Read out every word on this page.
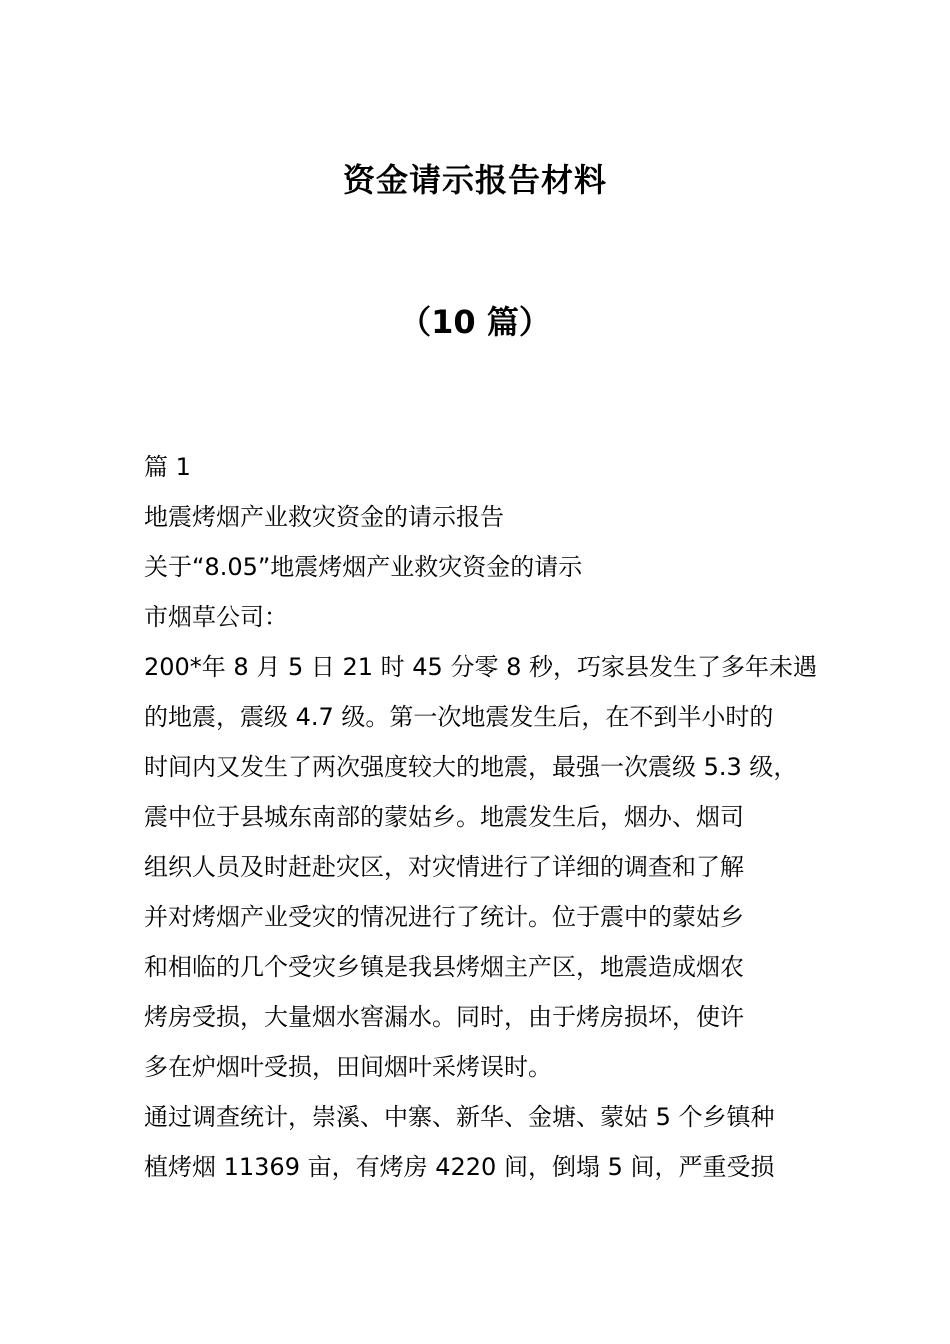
资金请示报告材料
（10 篇）
篇 1
地震烤烟产业救灾资金的请示报告
关于“8.05”地震烤烟产业救灾资金的请示
市烟草公司：
200*年 8 月 5 日 21 时 45 分零 8 秒，巧家县发生了多年未遇
的地震，震级 4.7 级。第一次地震发生后，在不到半小时的
时间内又发生了两次强度较大的地震，最强一次震级 5.3 级，
震中位于县城东南部的蒙姑乡。地震发生后，烟办、烟司
组织人员及时赶赴灾区，对灾情进行了详细的调查和了解
并对烤烟产业受灾的情况进行了统计。位于震中的蒙姑乡
和相临的几个受灾乡镇是我县烤烟主产区，地震造成烟农
烤房受损，大量烟水窖漏水。同时，由于烤房损坏，使许
多在炉烟叶受损，田间烟叶采烤误时。
通过调查统计，崇溪、中寨、新华、金塘、蒙姑 5 个乡镇种
植烤烟 11369 亩，有烤房 4220 间，倒塌 5 间，严重受损
